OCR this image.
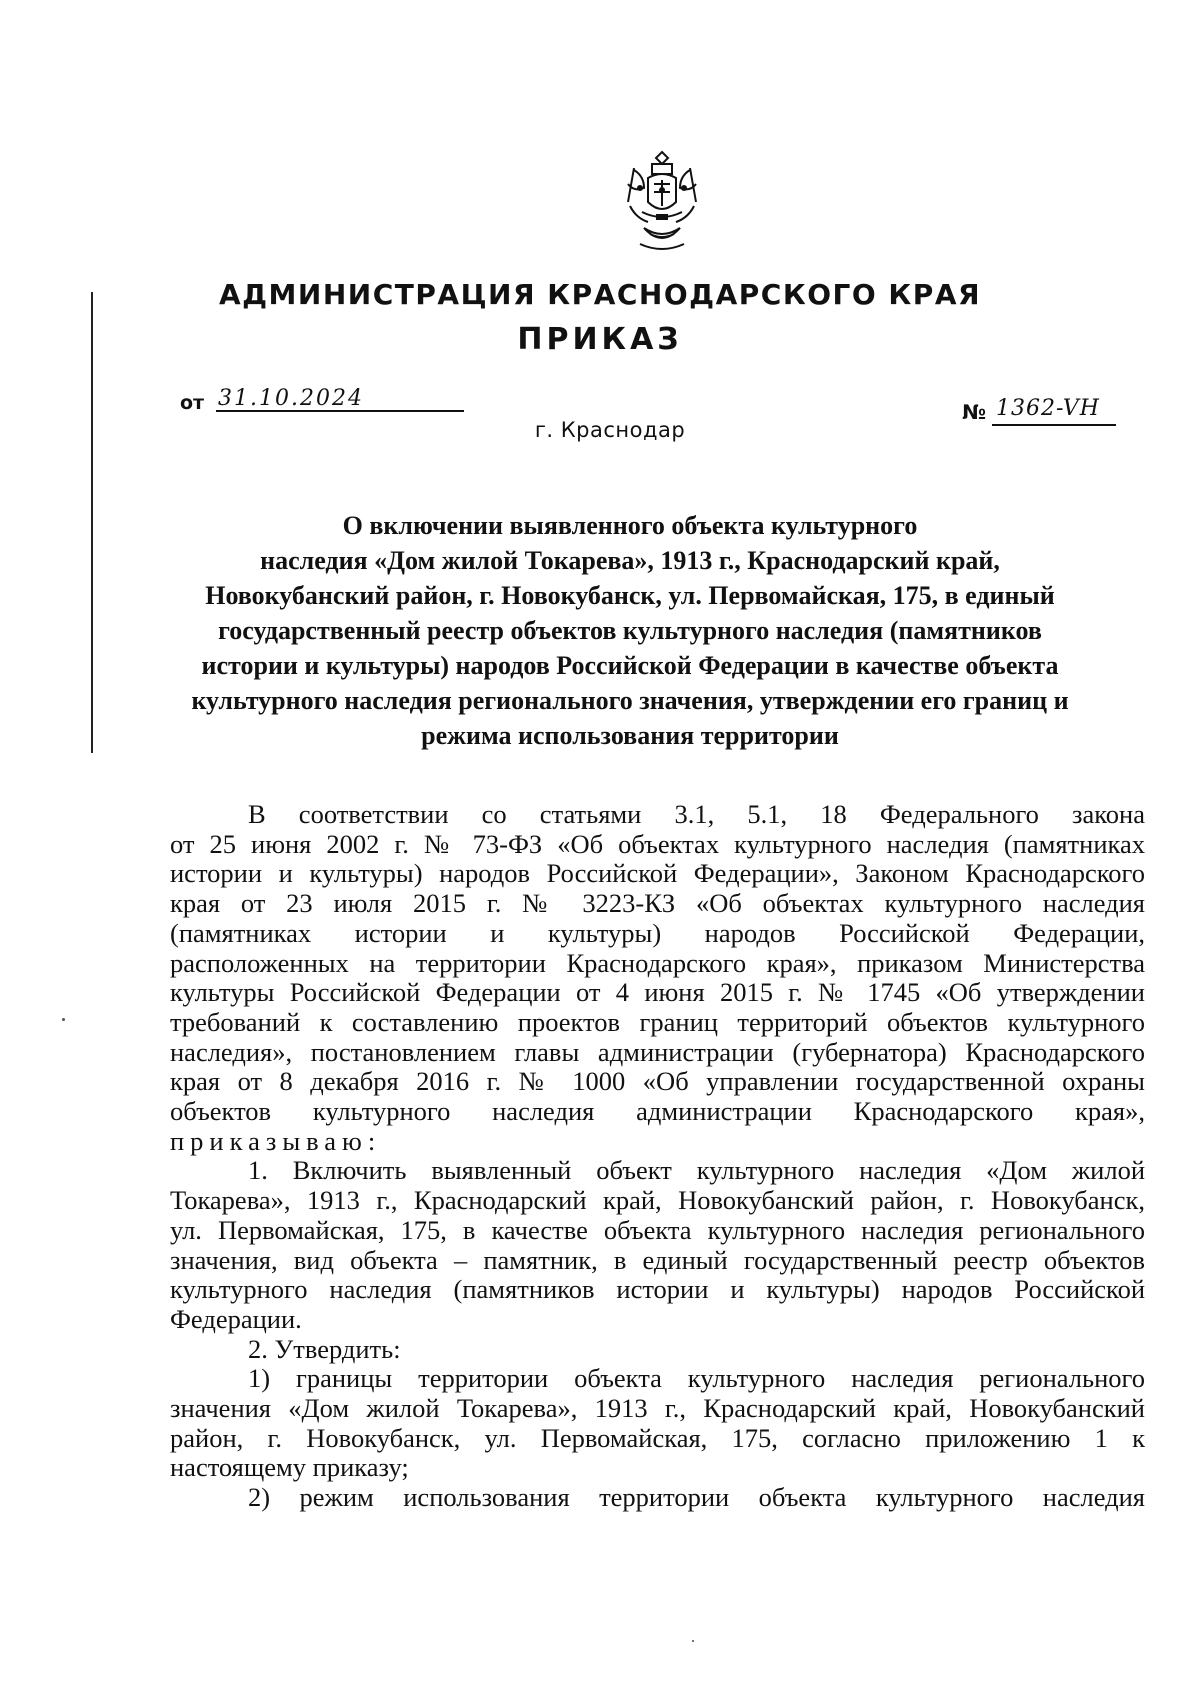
АДМИНИСТРАЦИЯ КРАСНОДАРСКОГО КРАЯ
ПРИКАЗ
от 31.10.2024
г. Краснодар
№ 1362-VH
О включении выявленного объекта культурного
наследия «Дом жилой Токарева», 1913 г., Краснодарский край,
Новокубанский район, г. Новокубанск, ул. Первомайская, 175, в единый
государственный реестр объектов культурного наследия (памятников
истории и культуры) народов Российской Федерации в качестве объекта
культурного наследия регионального значения, утверждении его границ и
режима использования территории
В соответствии со статьями 3.1, 5.1, 18 Федерального закона
от 25 июня 2002 г. № 73-ФЗ «Об объектах культурного наследия (памятниках
истории и культуры) народов Российской Федерации», Законом Краснодарского
края от 23 июля 2015 г. № 3223-КЗ «Об объектах культурного наследия
(памятниках истории и культуры) народов Российской Федерации,
расположенных на территории Краснодарского края», приказом Министерства
культуры Российской Федерации от 4 июня 2015 г. № 1745 «Об утверждении
требований к составлению проектов границ территорий объектов культурного
наследия», постановлением главы администрации (губернатора) Краснодарского
края от 8 декабря 2016 г. № 1000 «Об управлении государственной охраны
объектов культурного наследия администрации Краснодарского края»,
приказываю:
1. Включить выявленный объект культурного наследия «Дом жилой
Токарева», 1913 г., Краснодарский край, Новокубанский район, г. Новокубанск,
ул. Первомайская, 175, в качестве объекта культурного наследия регионального
значения, вид объекта – памятник, в единый государственный реестр объектов
культурного наследия (памятников истории и культуры) народов Российской
Федерации.
2. Утвердить:
1) границы территории объекта культурного наследия регионального
значения «Дом жилой Токарева», 1913 г., Краснодарский край, Новокубанский
район, г. Новокубанск, ул. Первомайская, 175, согласно приложению 1 к
настоящему приказу;
2) режим использования территории объекта культурного наследия
